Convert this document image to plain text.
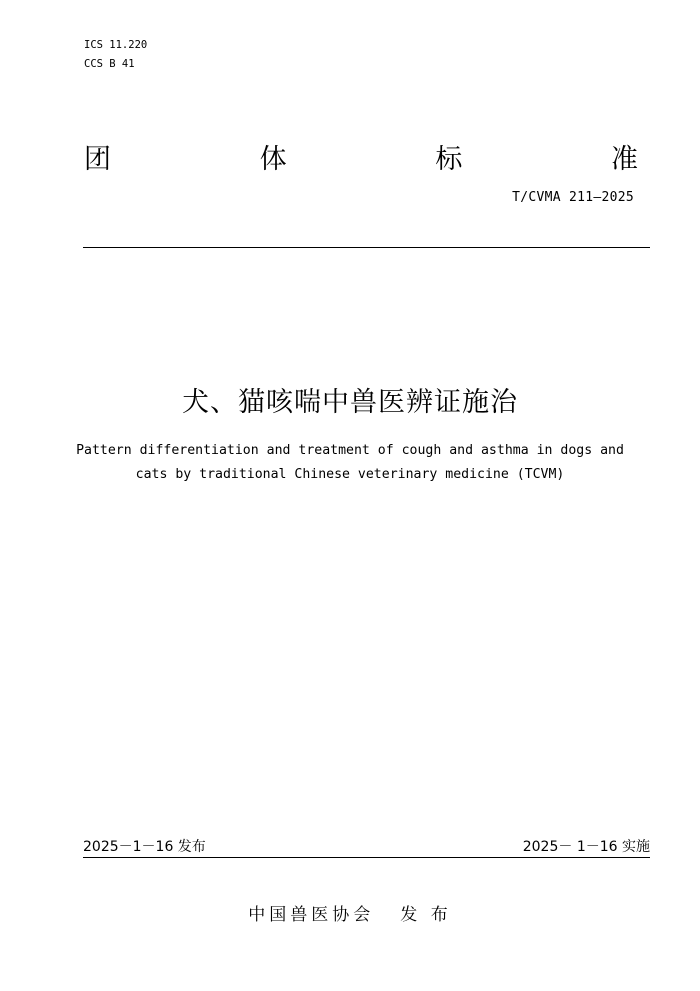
ICS 11.220
CCS B 41
团	体	标	准
T/CVMA 211—2025
犬、猫咳喘中兽医辨证施治
Pattern differentiation and treatment of cough and asthma in dogs and
cats by traditional Chinese veterinary medicine (TCVM)
2025－1－16 发布	2025－ 1－16 实施
中国兽医协会 发 布
